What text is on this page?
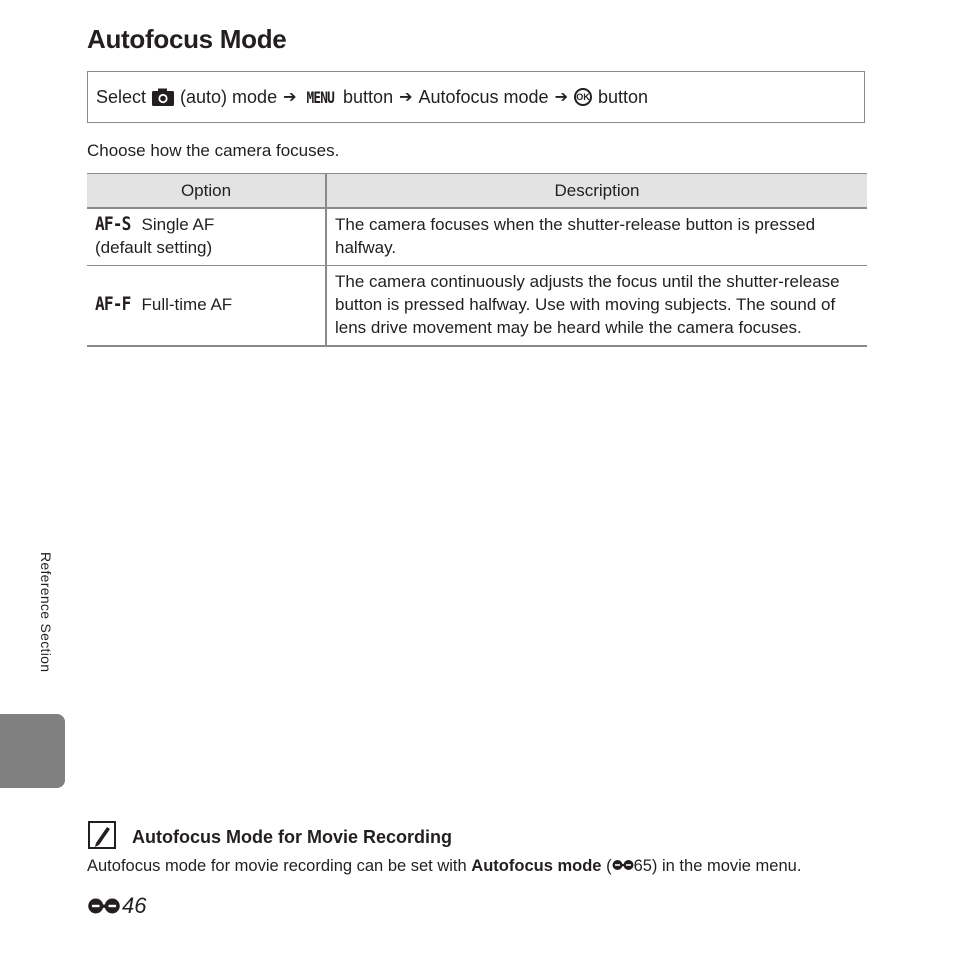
Autofocus Mode
Select (auto) mode ➔ MENU button ➔ Autofocus mode ➔ OK button
Choose how the camera focuses.
Option	Description
AF-S Single AF
(default setting)	The camera focuses when the shutter-release button is pressed halfway.
AF-F Full-time AF	The camera continuously adjusts the focus until the shutter-release button is pressed halfway. Use with moving subjects. The sound of lens drive movement may be heard while the camera focuses.
Reference Section
Autofocus Mode for Movie Recording
Autofocus mode for movie recording can be set with Autofocus mode ( 65) in the movie menu.
46
